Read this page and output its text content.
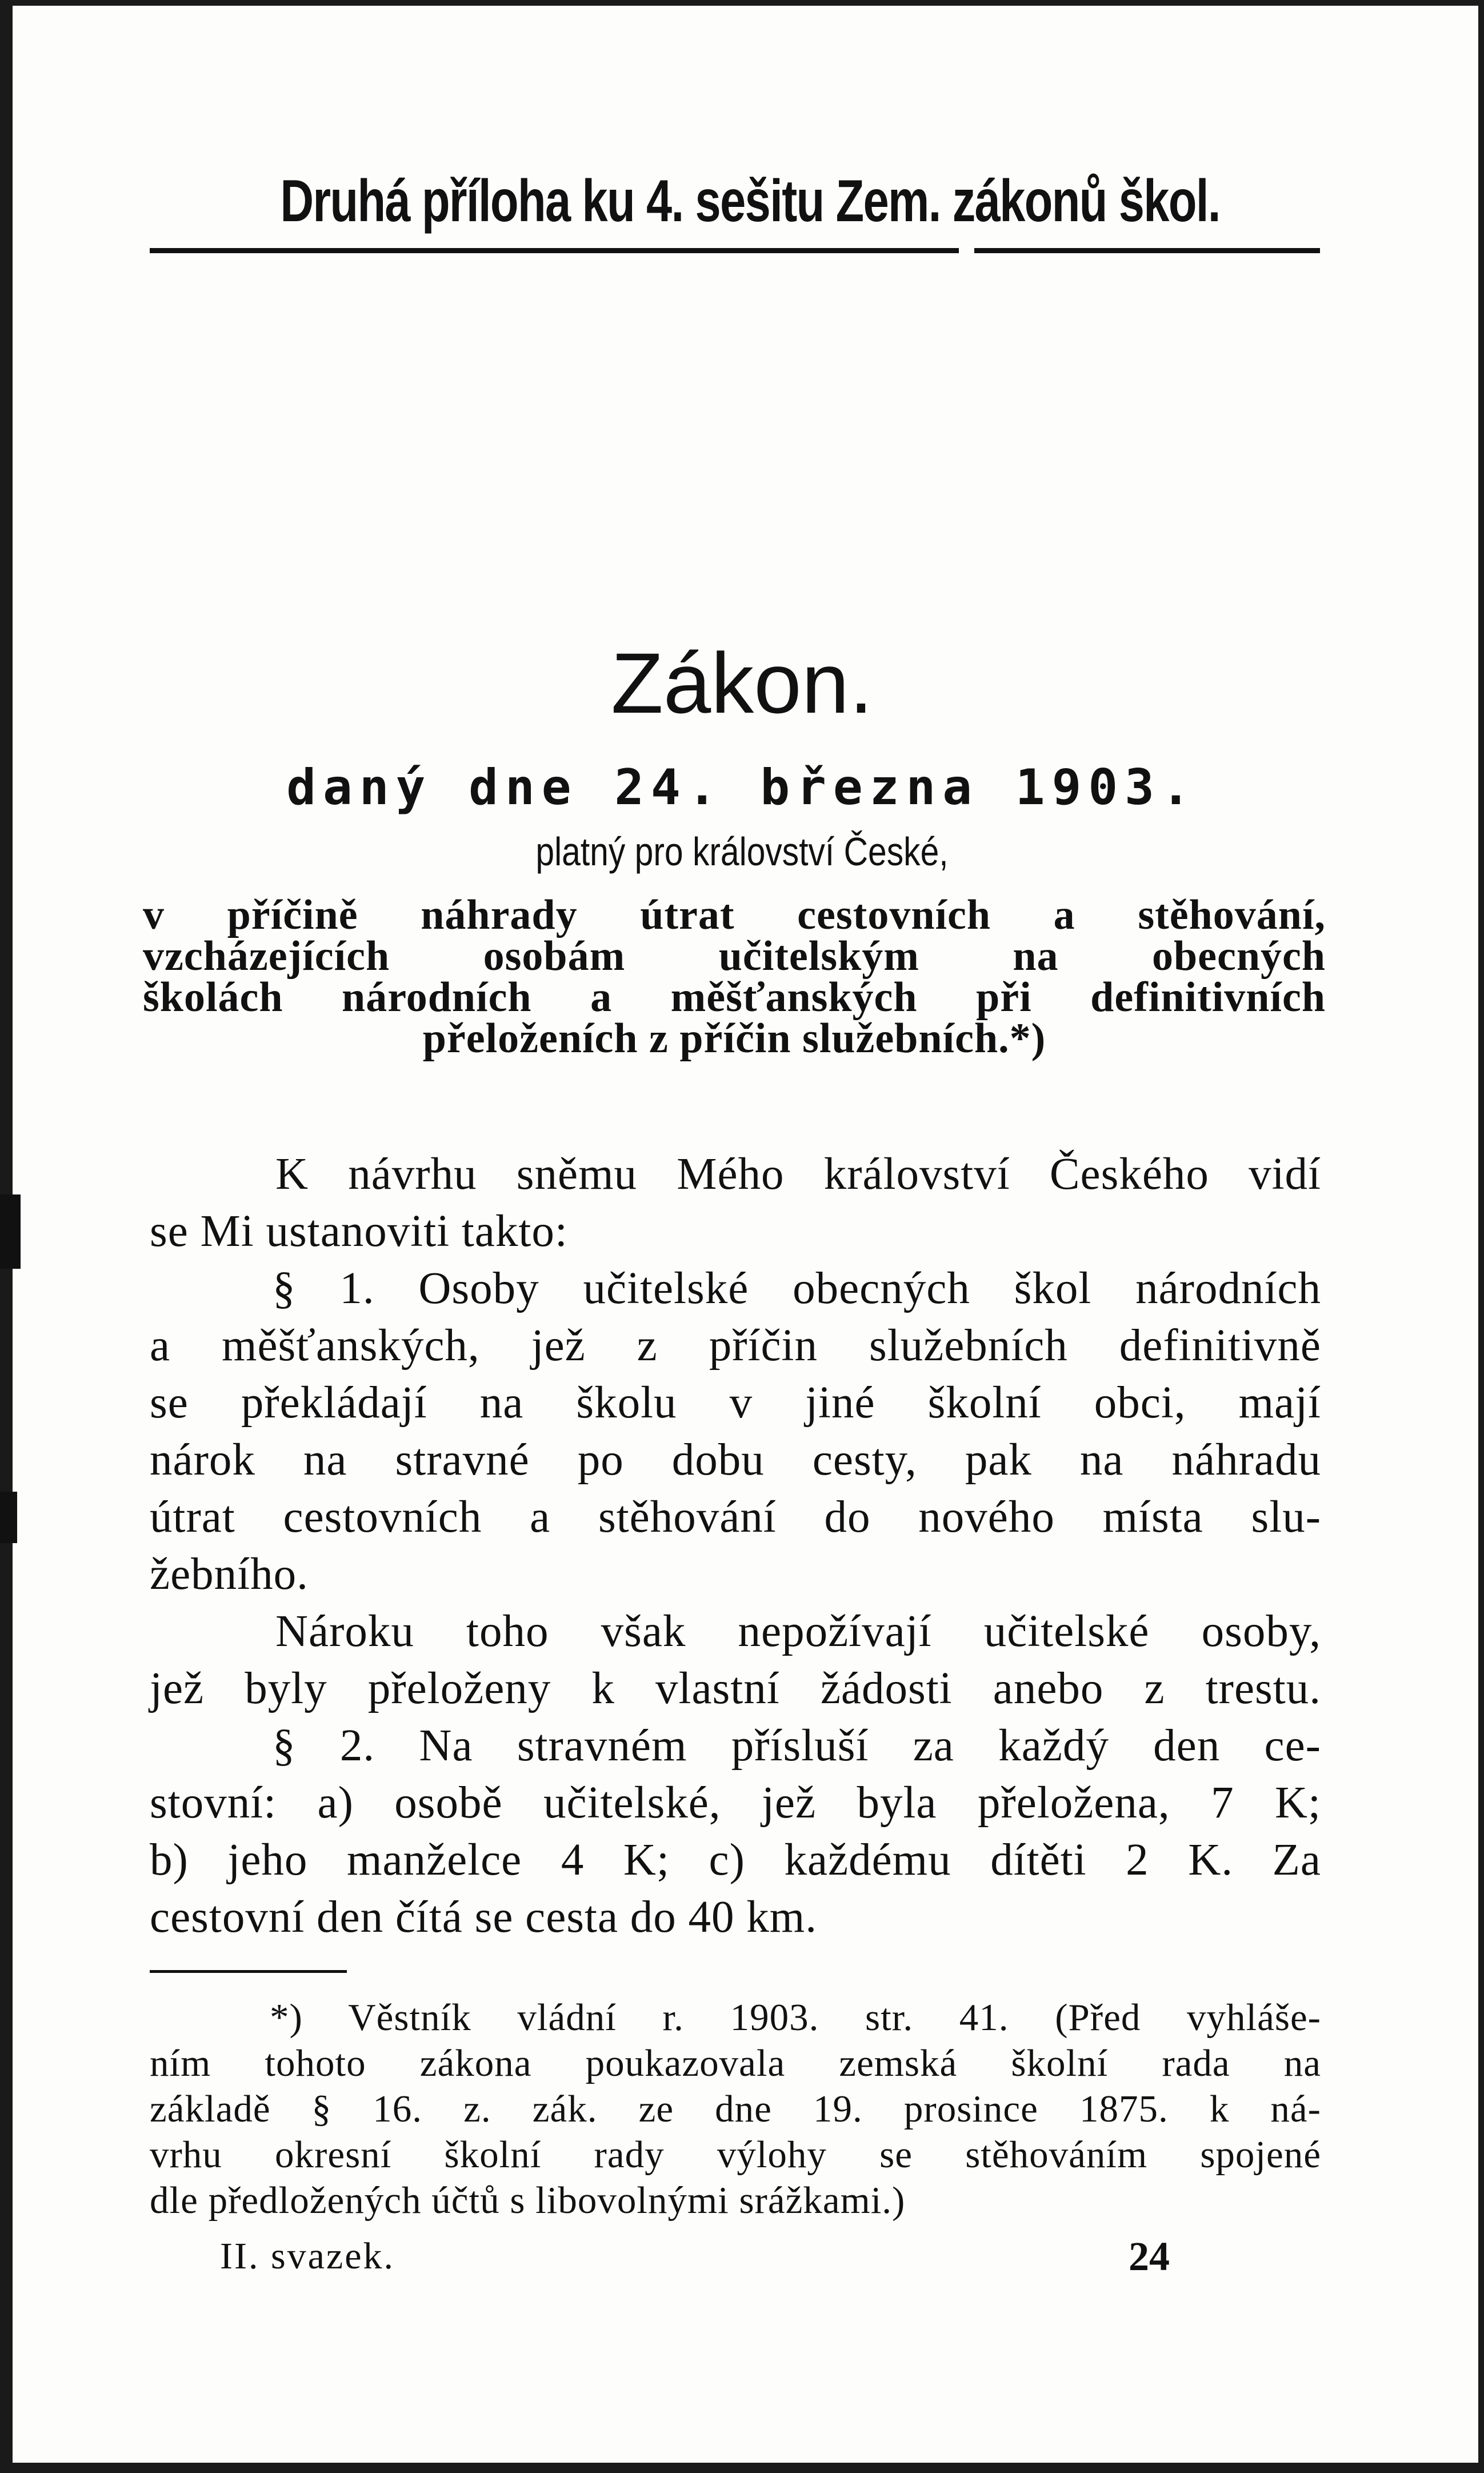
Druhá příloha ku 4. sešitu Zem. zákonů škol.
Zákon.
daný dne 24. března 1903.
platný pro království České,
v příčině náhrady útrat cestovních a stěhování,
vzcházejících osobám učitelským na obecných
školách národních a měšťanských při definitivních
přeloženích z příčin služebních.*)
K návrhu sněmu Mého království Českého vidí
se Mi ustanoviti takto:
§ 1. Osoby učitelské obecných škol národních
a měšťanských, jež z příčin služebních definitivně
se překládají na školu v jiné školní obci, mají
nárok na stravné po dobu cesty, pak na náhradu
útrat cestovních a stěhování do nového místa slu-
žebního.
Nároku toho však nepožívají učitelské osoby,
jež byly přeloženy k vlastní žádosti anebo z trestu.
§ 2. Na stravném přísluší za každý den ce-
stovní: a) osobě učitelské, jež byla přeložena, 7 K;
b) jeho manželce 4 K; c) každému dítěti 2 K. Za
cestovní den čítá se cesta do 40 km.
*) Věstník vládní r. 1903. str. 41. (Před vyhláše-
ním tohoto zákona poukazovala zemská školní rada na
základě § 16. z. zák. ze dne 19. prosince 1875. k ná-
vrhu okresní školní rady výlohy se stěhováním spojené
dle předložených účtů s libovolnými srážkami.)
II. svazek.	24
